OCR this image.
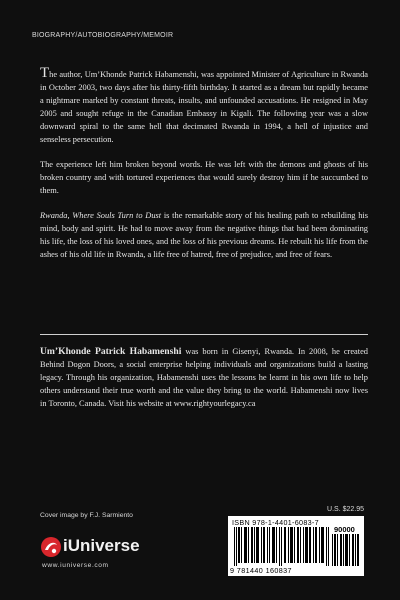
BIOGRAPHY/AUTOBIOGRAPHY/MEMOIR

The author, Um’Khonde Patrick Habamenshi, was appointed Minister of Agriculture in Rwanda in October 2003, two days after his thirty-fifth birthday. It started as a dream but rapidly became a nightmare marked by constant threats, insults, and unfounded accusations. He resigned in May 2005 and sought refuge in the Canadian Embassy in Kigali. The following year was a slow downward spiral to the same hell that decimated Rwanda in 1994, a hell of injustice and senseless persecution.

The experience left him broken beyond words. He was left with the demons and ghosts of his broken country and with tortured experiences that would surely destroy him if he succumbed to them.

Rwanda, Where Souls Turn to Dust is the remarkable story of his healing path to rebuilding his mind, body and spirit. He had to move away from the negative things that had been dominating his life, the loss of his loved ones, and the loss of his previous dreams. He rebuilt his life from the ashes of his old life in Rwanda, a life free of hatred, free of prejudice, and free of fears.

Um’Khonde Patrick Habamenshi was born in Gisenyi, Rwanda. In 2008, he created Behind Dogon Doors, a social enterprise helping individuals and organizations build a lasting legacy. Through his organization, Habamenshi uses the lessons he learnt in his own life to help others understand their true worth and the value they bring to the world. Habamenshi now lives in Toronto, Canada. Visit his website at www.rightyourlegacy.ca

U.S. $22.95
ISBN 978-1-4401-6083-7
90000
9 781440 160837
Cover image by F.J. Sarmiento
iUniverse
www.iuniverse.com
